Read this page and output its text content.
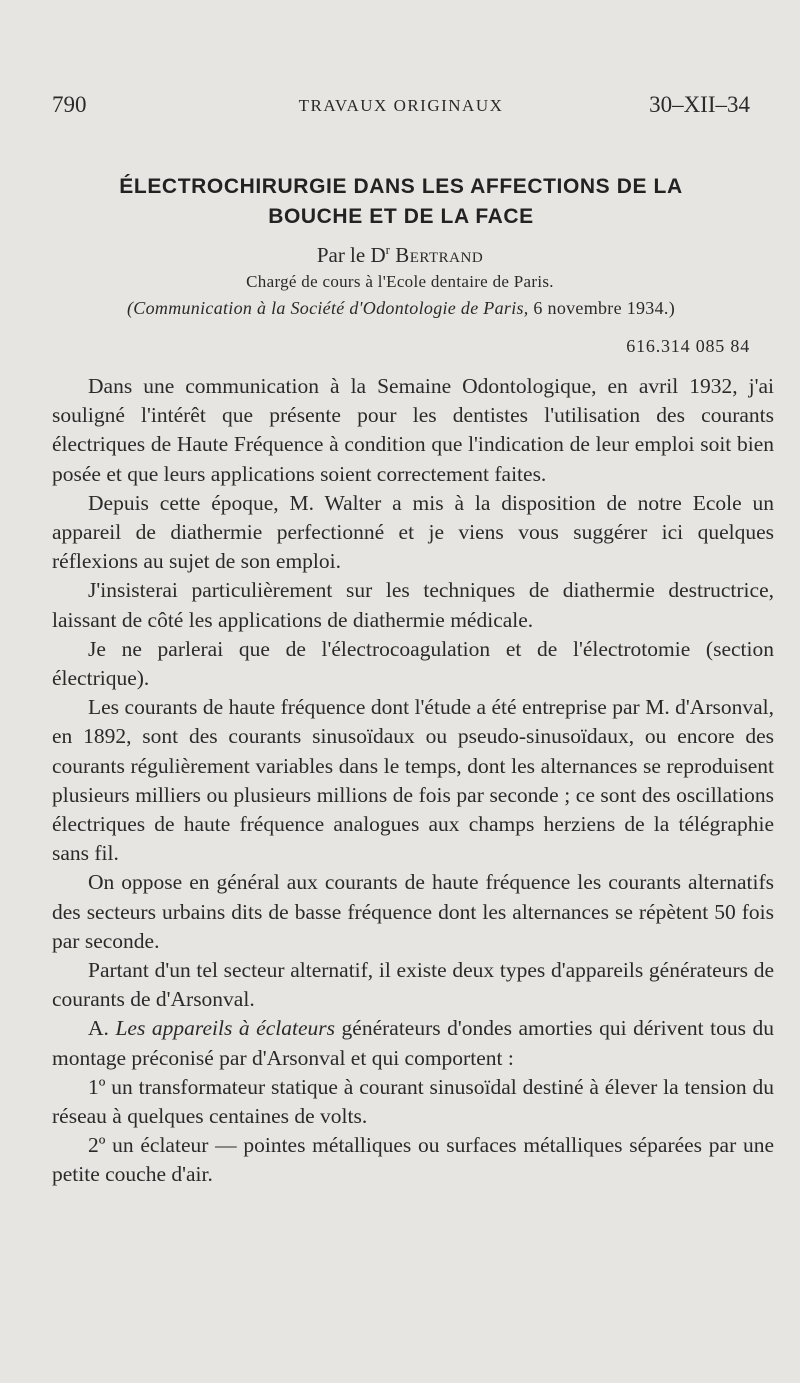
790	TRAVAUX ORIGINAUX	30–XII–34
ÉLECTROCHIRURGIE DANS LES AFFECTIONS DE LA
BOUCHE ET DE LA FACE
Par le $D^r$ Bertrand
Chargé de cours à l'Ecole dentaire de Paris.
(Communication à la Société d'Odontologie de Paris, 6 novembre 1934.)
616.314 085 84

Dans une communication à la Semaine Odontologique, en avril 1932, j'ai souligné l'intérêt que présente pour les dentistes l'utilisation des courants électriques de Haute Fréquence à condition que l'indication de leur emploi soit bien posée et que leurs applications soient correctement faites.

Depuis cette époque, M. Walter a mis à la disposition de notre Ecole un appareil de diathermie perfectionné et je viens vous suggérer ici quelques réflexions au sujet de son emploi.

J'insisterai particulièrement sur les techniques de diathermie destructrice, laissant de côté les applications de diathermie médicale.

Je ne parlerai que de l'électrocoagulation et de l'électrotomie (section électrique).

Les courants de haute fréquence dont l'étude a été entreprise par M. d'Arsonval, en 1892, sont des courants sinusoïdaux ou pseudo-sinusoïdaux, ou encore des courants régulièrement variables dans le temps, dont les alternances se reproduisent plusieurs milliers ou plusieurs millions de fois par seconde ; ce sont des oscillations électriques de haute fréquence analogues aux champs herziens de la télégraphie sans fil.

On oppose en général aux courants de haute fréquence les courants alternatifs des secteurs urbains dits de basse fréquence dont les alternances se répètent 50 fois par seconde.

Partant d'un tel secteur alternatif, il existe deux types d'appareils générateurs de courants de d'Arsonval.

A. Les appareils à éclateurs générateurs d'ondes amorties qui dérivent tous du montage préconisé par d'Arsonval et qui comportent :

1º un transformateur statique à courant sinusoïdal destiné à élever la tension du réseau à quelques centaines de volts.

2º un éclateur — pointes métalliques ou surfaces métalliques séparées par une petite couche d'air.
